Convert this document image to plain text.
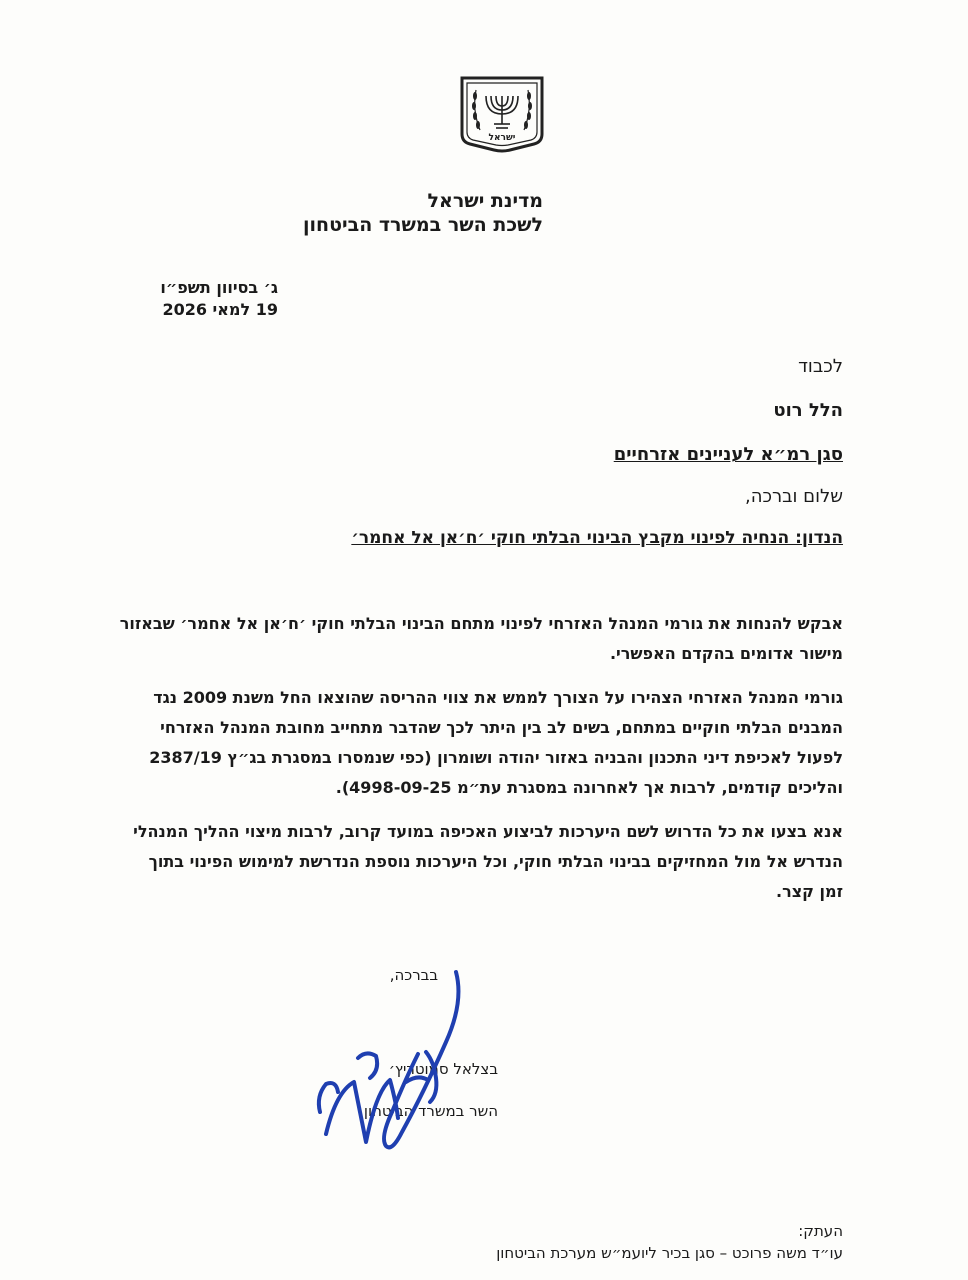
ישראל
מדינת ישראל
לשכת השר במשרד הביטחון
ג׳ בסיוון תשפ״ו
19 למאי 2026
לכבוד
הלל רוט
סגן רמ״א לעניינים אזרחיים
שלום וברכה,
הנדון: הנחיה לפינוי מקבץ הבינוי הבלתי חוקי ׳ח׳אן אל אחמר׳
אבקש להנחות את גורמי המנהל האזרחי לפינוי מתחם הבינוי הבלתי חוקי ׳ח׳אן אל אחמר׳ שבאזור
מישור אדומים בהקדם האפשרי.
גורמי המנהל האזרחי הצהירו על הצורך לממש את צווי ההריסה שהוצאו החל משנת 2009 נגד
המבנים הבלתי חוקיים במתחם, בשים לב בין היתר לכך שהדבר מתחייב מחובת המנהל האזרחי
לפעול לאכיפת דיני התכנון והבניה באזור יהודה ושומרון (כפי שנמסרו במסגרת בג״ץ 2387/19
והליכים קודמים, לרבות אך לאחרונה במסגרת עת״מ 4998-09-25).
אנא בצעו את כל הדרוש לשם היערכות לביצוע האכיפה במועד קרוב, לרבות מיצוי ההליך המנהלי
הנדרש אל מול המחזיקים בבינוי הבלתי חוקי, וכל היערכות נוספת הנדרשת למימוש הפינוי בתוך
זמן קצר.
בברכה,
בצלאל סמוטריץ׳
השר במשרד הביטחון
העתק:
עו״ד משה פרוכט – סגן בכיר ליועמ״ש מערכת הביטחון
